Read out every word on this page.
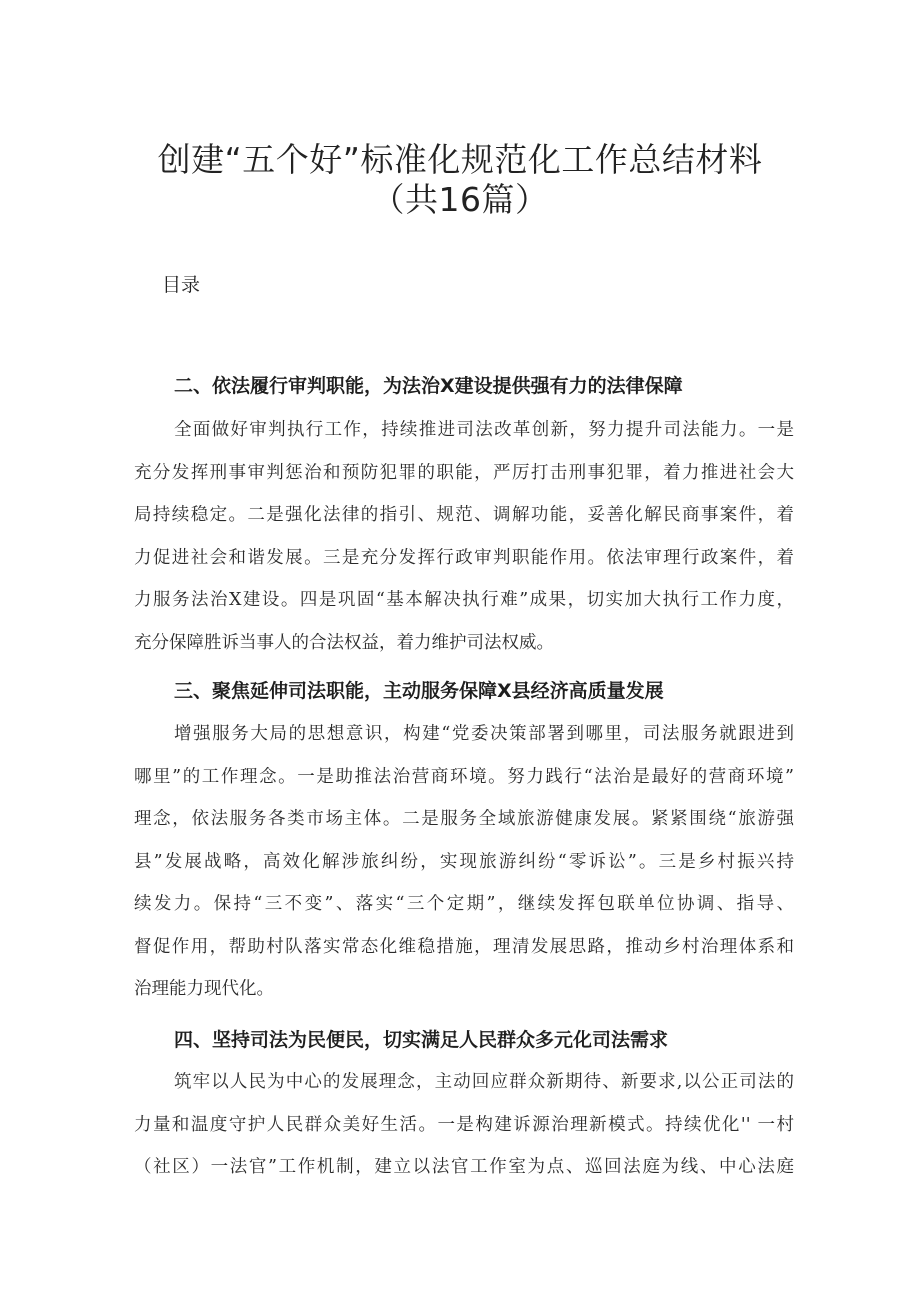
创建“五个好”标准化规范化工作总结材料
（共16篇）
目录
二、依法履行审判职能，为法治X建设提供强有力的法律保障
全面做好审判执行工作，持续推进司法改革创新，努力提升司法能力。一是
充分发挥刑事审判惩治和预防犯罪的职能，严厉打击刑事犯罪，着力推进社会大
局持续稳定。二是强化法律的指引、规范、调解功能，妥善化解民商事案件，着
力促进社会和谐发展。三是充分发挥行政审判职能作用。依法审理行政案件，着
力服务法治X建设。四是巩固“基本解决执行难”成果，切实加大执行工作力度，
充分保障胜诉当事人的合法权益，着力维护司法权威。
三、聚焦延伸司法职能，主动服务保障X县经济高质量发展
增强服务大局的思想意识，构建“党委决策部署到哪里，司法服务就跟进到
哪里”的工作理念。一是助推法治营商环境。努力践行“法治是最好的营商环境”
理念，依法服务各类市场主体。二是服务全域旅游健康发展。紧紧围绕“旅游强
县”发展战略，高效化解涉旅纠纷，实现旅游纠纷“零诉讼”。三是乡村振兴持
续发力。保持“三不变”、落实“三个定期”，继续发挥包联单位协调、指导、
督促作用，帮助村队落实常态化维稳措施，理清发展思路，推动乡村治理体系和
治理能力现代化。
四、坚持司法为民便民，切实满足人民群众多元化司法需求
筑牢以人民为中心的发展理念，主动回应群众新期待、新要求,以公正司法的
力量和温度守护人民群众美好生活。一是构建诉源治理新模式。持续优化'' 一村
（社区）一法官”工作机制，建立以法官工作室为点、巡回法庭为线、中心法庭
